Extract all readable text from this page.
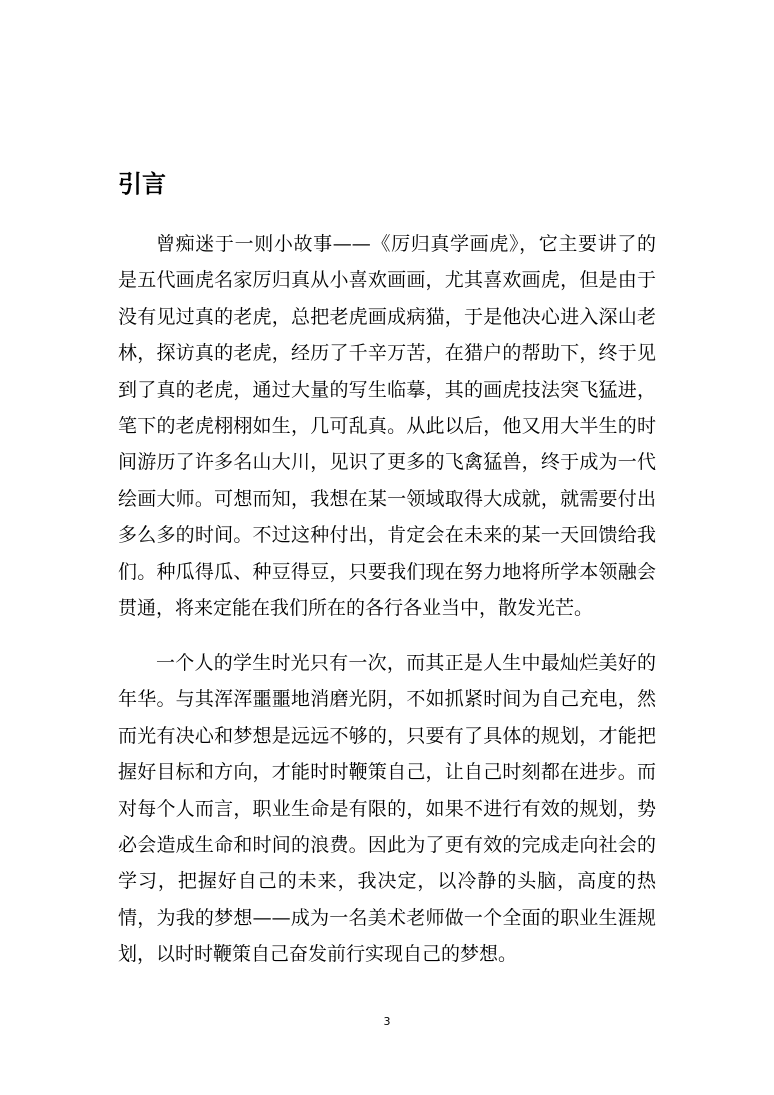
引言

曾痴迷于一则小故事——《厉归真学画虎》，它主要讲了的是五代画虎名家厉归真从小喜欢画画，尤其喜欢画虎，但是由于没有见过真的老虎，总把老虎画成病猫，于是他决心进入深山老林，探访真的老虎，经历了千辛万苦，在猎户的帮助下，终于见到了真的老虎，通过大量的写生临摹，其的画虎技法突飞猛进，笔下的老虎栩栩如生，几可乱真。从此以后，他又用大半生的时间游历了许多名山大川，见识了更多的飞禽猛兽，终于成为一代绘画大师。可想而知，我想在某一领域取得大成就，就需要付出多么多的时间。不过这种付出，肯定会在未来的某一天回馈给我们。种瓜得瓜、种豆得豆，只要我们现在努力地将所学本领融会贯通，将来定能在我们所在的各行各业当中，散发光芒。

一个人的学生时光只有一次，而其正是人生中最灿烂美好的年华。与其浑浑噩噩地消磨光阴，不如抓紧时间为自己充电，然而光有决心和梦想是远远不够的，只要有了具体的规划，才能把握好目标和方向，才能时时鞭策自己，让自己时刻都在进步。而对每个人而言，职业生命是有限的，如果不进行有效的规划，势必会造成生命和时间的浪费。因此为了更有效的完成走向社会的学习，把握好自己的未来，我决定，以冷静的头脑，高度的热情，为我的梦想——成为一名美术老师做一个全面的职业生涯规划，以时时鞭策自己奋发前行实现自己的梦想。

3
